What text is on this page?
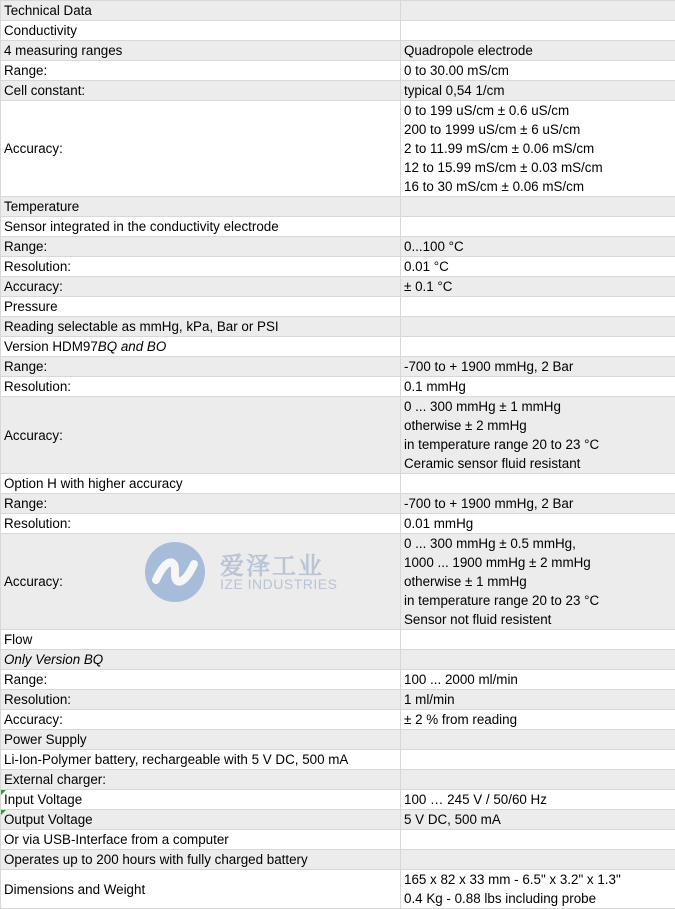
Technical Data	
Conductivity	
4 measuring ranges	Quadropole electrode

Range:	0 to 30.00 mS/cm

Cell constant:	typical 0,54 1/cm

Accuracy:	0 to 199 uS/cm ± 0.6 uS/cm
200 to 1999 uS/cm ± 6 uS/cm
2 to 11.99 mS/cm ± 0.06 mS/cm
12 to 15.99 mS/cm ± 0.03 mS/cm
16 to 30 mS/cm ± 0.06 mS/cm

Temperature	
Sensor integrated in the conductivity electrode	
Range:	0...100 °C

Resolution:	0.01 °C

Accuracy:	± 0.1 °C

Pressure	
Reading selectable as mmHg, kPa, Bar or PSI	
Version HDM97BQ and BO	
Range:	-700 to + 1900 mmHg, 2 Bar

Resolution:	0.1 mmHg

Accuracy:	0 ... 300 mmHg ± 1 mmHg
otherwise ± 2 mmHg
in temperature range 20 to 23 °C
Ceramic sensor fluid resistant

Option H with higher accuracy	
Range:	-700 to + 1900 mmHg, 2 Bar

Resolution:	0.01 mmHg

Accuracy:	0 ... 300 mmHg ± 0.5 mmHg,
1000 ... 1900 mmHg ± 2 mmHg
otherwise ± 1 mmHg
in temperature range 20 to 23 °C
Sensor not fluid resistent

Flow	
Only Version BQ	
Range:	100 ... 2000 ml/min

Resolution:	1 ml/min

Accuracy:	± 2 % from reading

Power Supply	
Li-Ion-Polymer battery, rechargeable with 5 V DC, 500 mA	
External charger:	
Input Voltage	100 … 245 V / 50/60 Hz

Output Voltage	5 V DC, 500 mA

Or via USB-Interface from a computer	
Operates up to 200 hours with fully charged battery	
Dimensions and Weight	165 x 82 x 33 mm - 6.5" x 3.2" x 1.3"
0.4 Kg - 0.88 lbs including probe
爱泽工业
IZE INDUSTRIES
